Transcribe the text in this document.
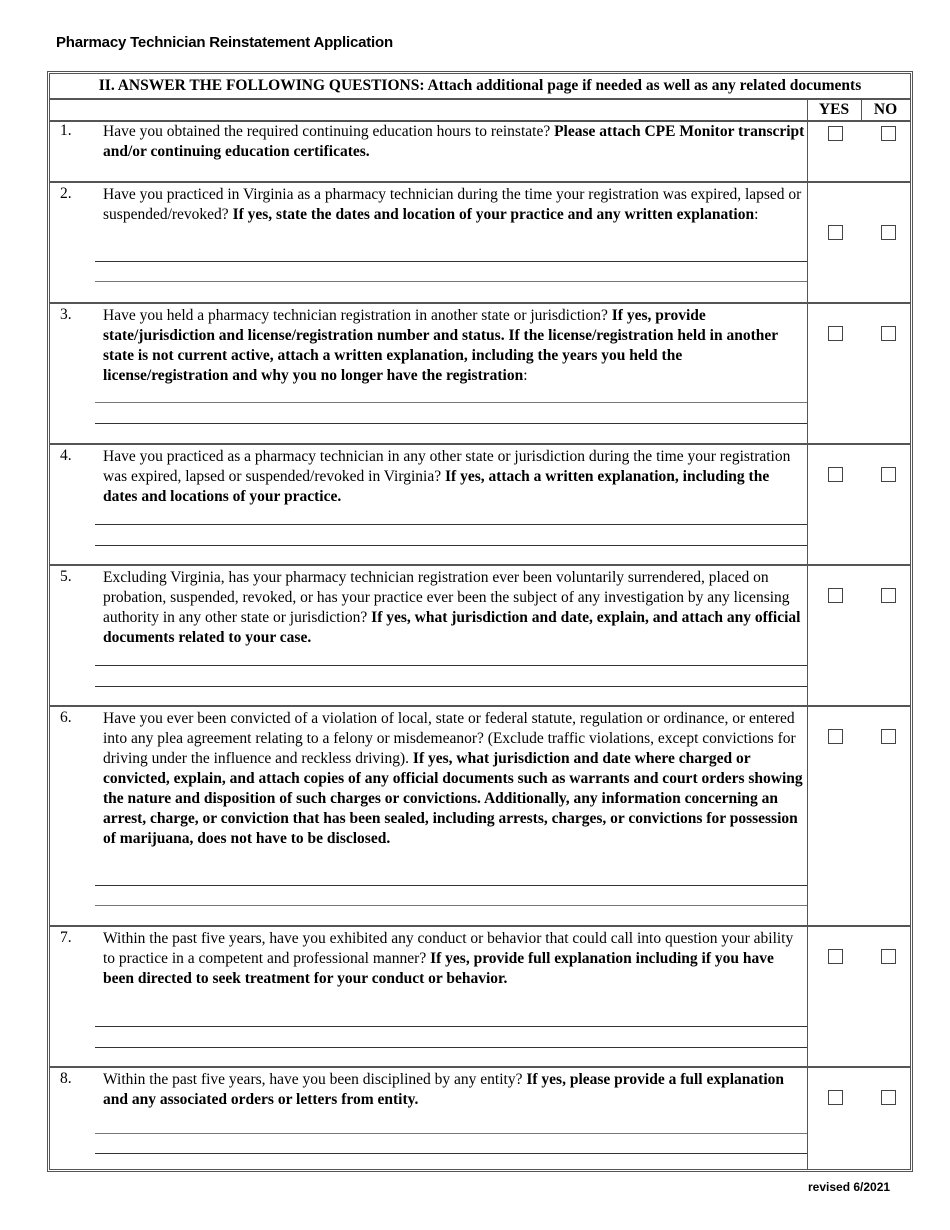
Pharmacy Technician Reinstatement Application
II. ANSWER THE FOLLOWING QUESTIONS: Attach additional page if needed as well as any related documents
YES	NO
1. Have you obtained the required continuing education hours to reinstate? Please attach CPE Monitor transcript and/or continuing education certificates.
2. Have you practiced in Virginia as a pharmacy technician during the time your registration was expired, lapsed or suspended/revoked? If yes, state the dates and location of your practice and any written explanation:
3. Have you held a pharmacy technician registration in another state or jurisdiction? If yes, provide state/jurisdiction and license/registration number and status. If the license/registration held in another state is not current active, attach a written explanation, including the years you held the license/registration and why you no longer have the registration:
4. Have you practiced as a pharmacy technician in any other state or jurisdiction during the time your registration was expired, lapsed or suspended/revoked in Virginia? If yes, attach a written explanation, including the dates and locations of your practice.
5. Excluding Virginia, has your pharmacy technician registration ever been voluntarily surrendered, placed on probation, suspended, revoked, or has your practice ever been the subject of any investigation by any licensing authority in any other state or jurisdiction? If yes, what jurisdiction and date, explain, and attach any official documents related to your case.
6. Have you ever been convicted of a violation of local, state or federal statute, regulation or ordinance, or entered into any plea agreement relating to a felony or misdemeanor? (Exclude traffic violations, except convictions for driving under the influence and reckless driving). If yes, what jurisdiction and date where charged or convicted, explain, and attach copies of any official documents such as warrants and court orders showing the nature and disposition of such charges or convictions. Additionally, any information concerning an arrest, charge, or conviction that has been sealed, including arrests, charges, or convictions for possession of marijuana, does not have to be disclosed.
7. Within the past five years, have you exhibited any conduct or behavior that could call into question your ability to practice in a competent and professional manner? If yes, provide full explanation including if you have been directed to seek treatment for your conduct or behavior.
8. Within the past five years, have you been disciplined by any entity? If yes, please provide a full explanation and any associated orders or letters from entity.
revised 6/2021
